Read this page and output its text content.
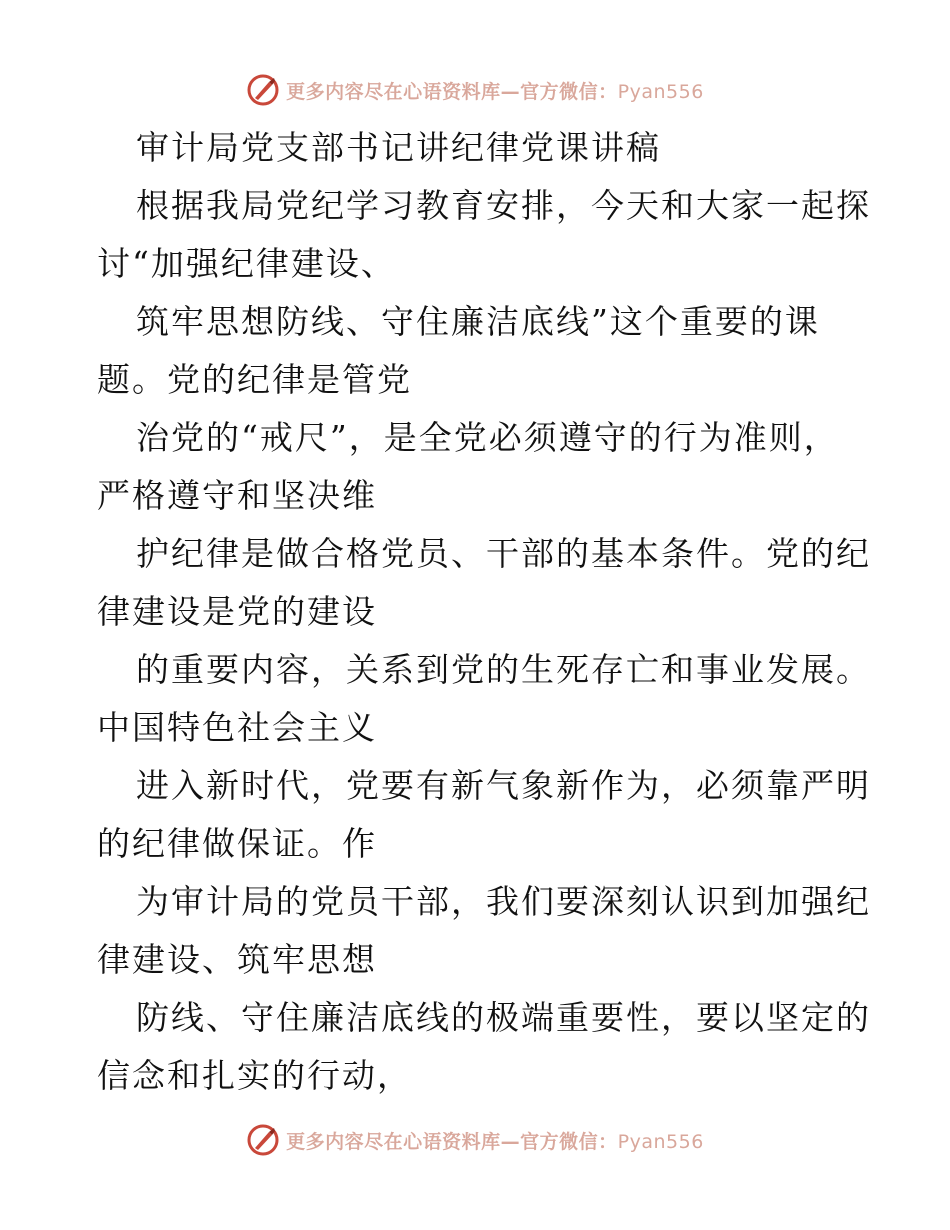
更多内容尽在心语资料库—官方微信：Pyan556
审计局党支部书记讲纪律党课讲稿
根据我局党纪学习教育安排，今天和大家一起探
讨“加强纪律建设、
筑牢思想防线、守住廉洁底线”这个重要的课
题。党的纪律是管党
治党的“戒尺”，是全党必须遵守的行为准则，
严格遵守和坚决维
护纪律是做合格党员、干部的基本条件。党的纪
律建设是党的建设
的重要内容，关系到党的生死存亡和事业发展。
中国特色社会主义
进入新时代，党要有新气象新作为，必须靠严明
的纪律做保证。作
为审计局的党员干部，我们要深刻认识到加强纪
律建设、筑牢思想
防线、守住廉洁底线的极端重要性，要以坚定的
信念和扎实的行动，
更多内容尽在心语资料库—官方微信：Pyan556
